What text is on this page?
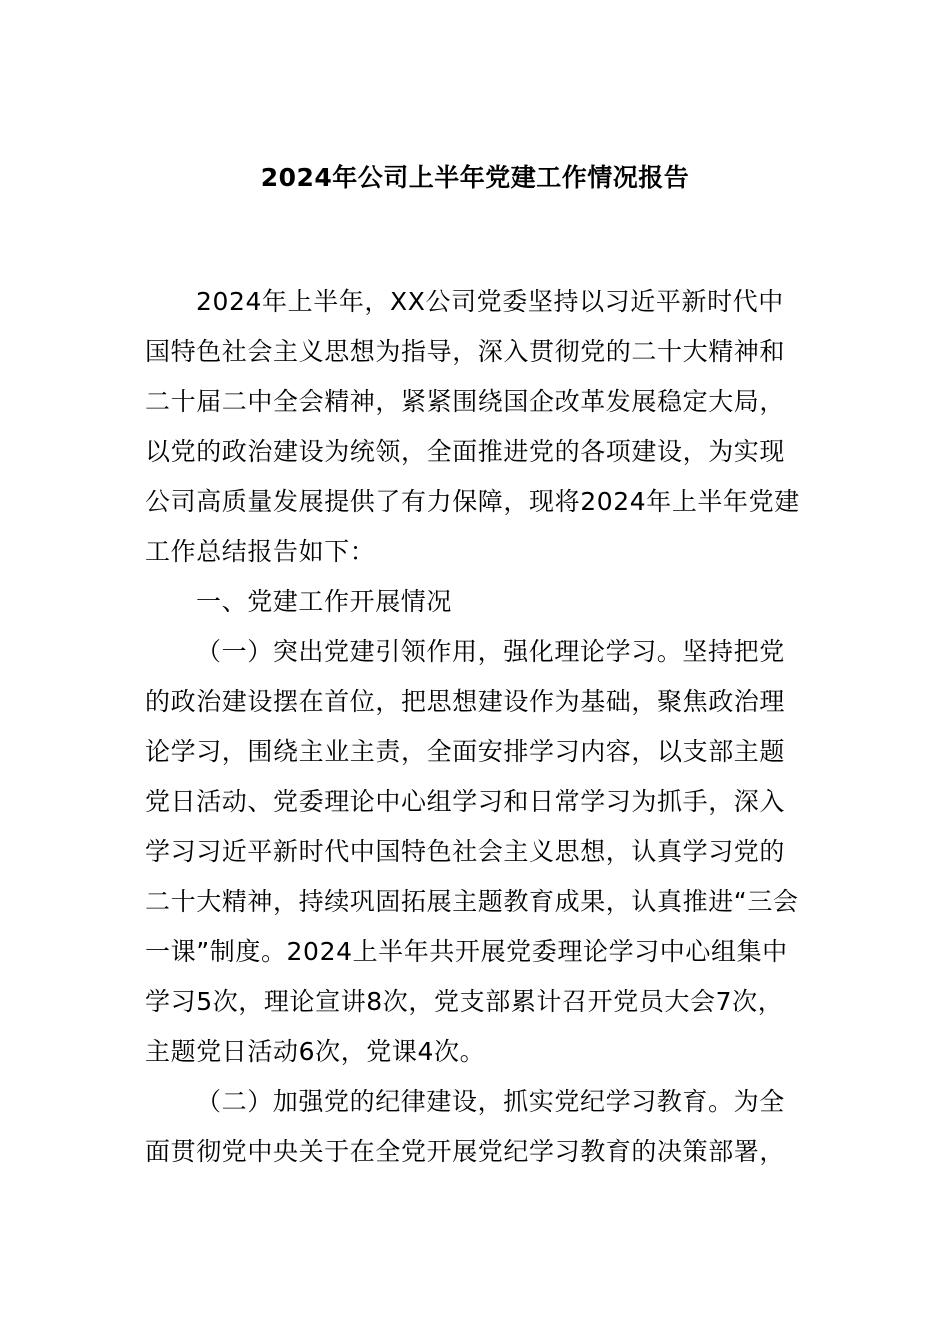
2024年公司上半年党建工作情况报告
2024年上半年，XX公司党委坚持以习近平新时代中
国特色社会主义思想为指导，深入贯彻党的二十大精神和
二十届二中全会精神，紧紧围绕国企改革发展稳定大局，
以党的政治建设为统领，全面推进党的各项建设，为实现
公司高质量发展提供了有力保障，现将2024年上半年党建
工作总结报告如下：
一、党建工作开展情况
（一）突出党建引领作用，强化理论学习。坚持把党
的政治建设摆在首位，把思想建设作为基础，聚焦政治理
论学习，围绕主业主责，全面安排学习内容，以支部主题
党日活动、党委理论中心组学习和日常学习为抓手，深入
学习习近平新时代中国特色社会主义思想，认真学习党的
二十大精神，持续巩固拓展主题教育成果，认真推进“三会
一课”制度。2024上半年共开展党委理论学习中心组集中
学习5次，理论宣讲8次，党支部累计召开党员大会7次，
主题党日活动6次，党课4次。
（二）加强党的纪律建设，抓实党纪学习教育。为全
面贯彻党中央关于在全党开展党纪学习教育的决策部署，
